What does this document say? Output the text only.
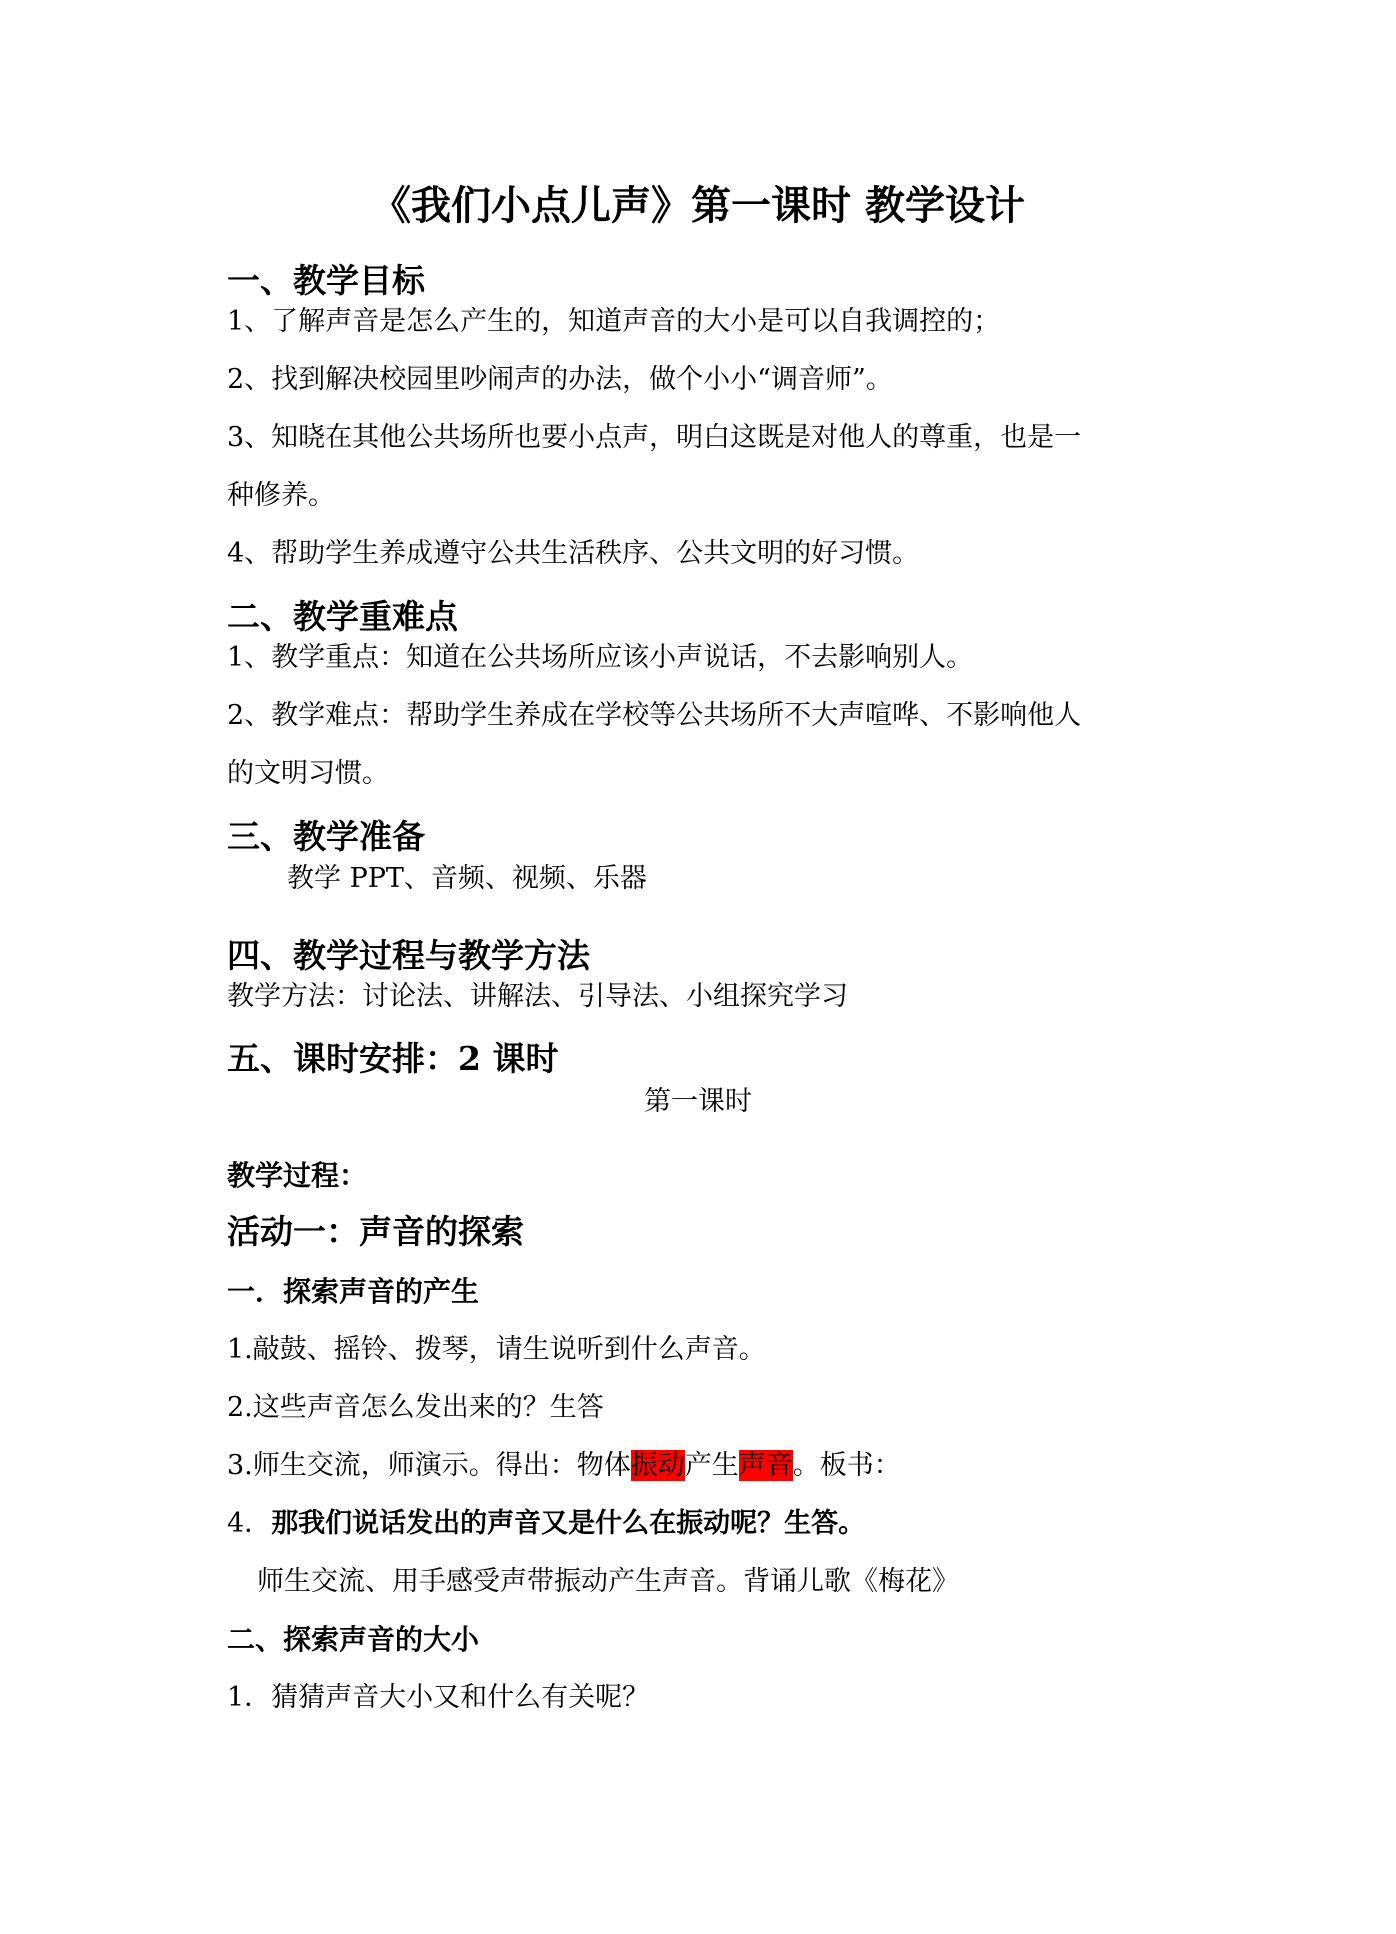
《我们小点儿声》第一课时 教学设计
一、教学目标
1、了解声音是怎么产生的，知道声音的大小是可以自我调控的；
2、找到解决校园里吵闹声的办法，做个小小“调音师”。
3、知晓在其他公共场所也要小点声，明白这既是对他人的尊重，也是一
种修养。
4、帮助学生养成遵守公共生活秩序、公共文明的好习惯。
二、教学重难点
1、教学重点：知道在公共场所应该小声说话，不去影响别人。
2、教学难点：帮助学生养成在学校等公共场所不大声喧哗、不影响他人
的文明习惯。
三、教学准备
教学 PPT、音频、视频、乐器
四、教学过程与教学方法
教学方法：讨论法、讲解法、引导法、小组探究学习
五、课时安排：2 课时
第一课时
教学过程：
活动一：声音的探索
一．探索声音的产生
1.敲鼓、摇铃、拨琴，请生说听到什么声音。
2.这些声音怎么发出来的？生答
3.师生交流，师演示。得出：物体振动产生声音。板书：
4．那我们说话发出的声音又是什么在振动呢？生答。
师生交流、用手感受声带振动产生声音。背诵儿歌《梅花》
二、探索声音的大小
1．猜猜声音大小又和什么有关呢？
